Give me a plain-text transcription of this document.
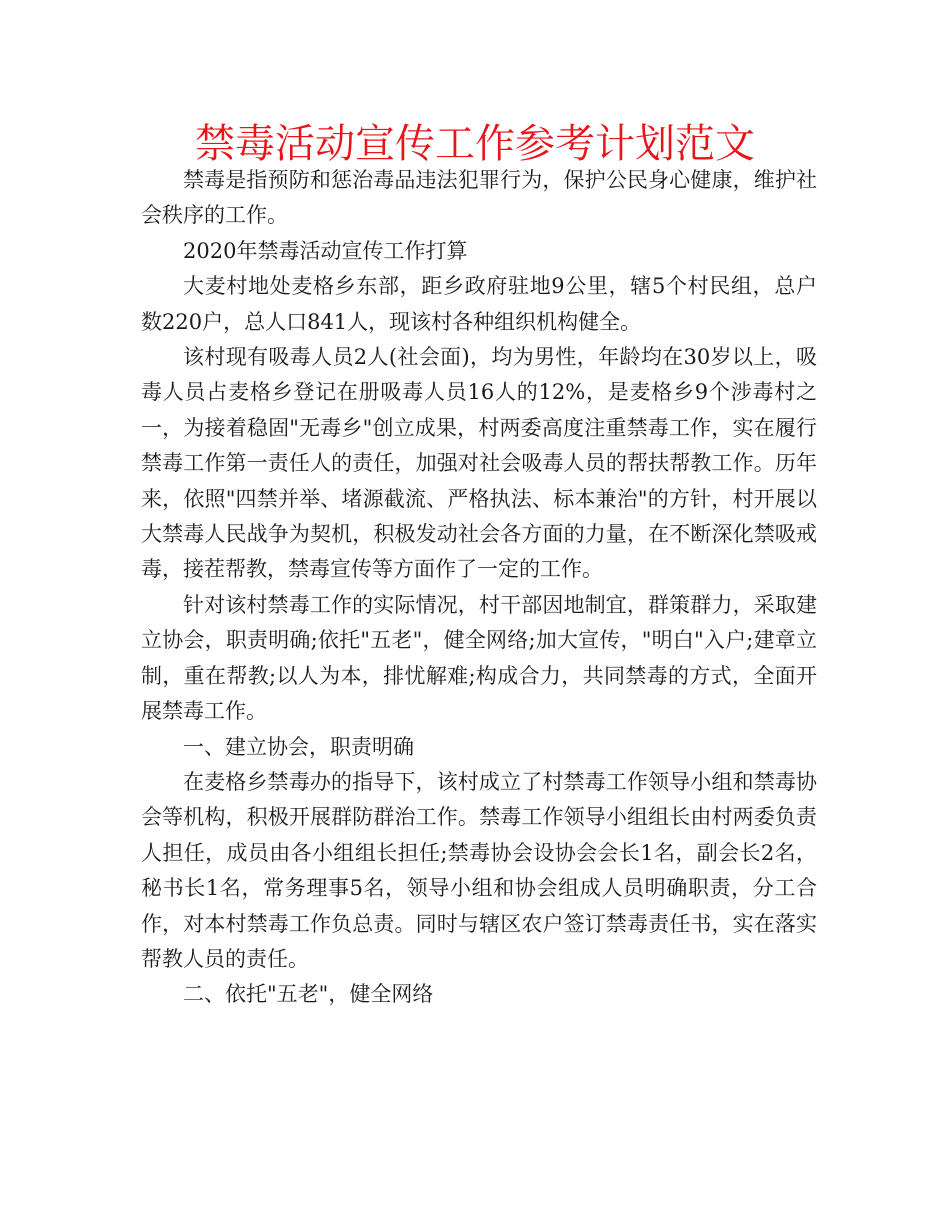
禁毒活动宣传工作参考计划范文

禁毒是指预防和惩治毒品违法犯罪行为，保护公民身心健康，维护社会秩序的工作。

2020年禁毒活动宣传工作打算

大麦村地处麦格乡东部，距乡政府驻地9公里，辖5个村民组，总户数220户，总人口841人，现该村各种组织机构健全。

该村现有吸毒人员2人(社会面)，均为男性，年龄均在30岁以上，吸毒人员占麦格乡登记在册吸毒人员16人的12%，是麦格乡9个涉毒村之一，为接着稳固"无毒乡"创立成果，村两委高度注重禁毒工作，实在履行禁毒工作第一责任人的责任，加强对社会吸毒人员的帮扶帮教工作。历年来，依照"四禁并举、堵源截流、严格执法、标本兼治"的方针，村开展以大禁毒人民战争为契机，积极发动社会各方面的力量，在不断深化禁吸戒毒，接茬帮教，禁毒宣传等方面作了一定的工作。

针对该村禁毒工作的实际情况，村干部因地制宜，群策群力，采取建立协会，职责明确;依托"五老"，健全网络;加大宣传，"明白"入户;建章立制，重在帮教;以人为本，排忧解难;构成合力，共同禁毒的方式，全面开展禁毒工作。

一、建立协会，职责明确

在麦格乡禁毒办的指导下，该村成立了村禁毒工作领导小组和禁毒协会等机构，积极开展群防群治工作。禁毒工作领导小组组长由村两委负责人担任，成员由各小组组长担任;禁毒协会设协会会长1名，副会长2名，秘书长1名，常务理事5名，领导小组和协会组成人员明确职责，分工合作，对本村禁毒工作负总责。同时与辖区农户签订禁毒责任书，实在落实帮教人员的责任。

二、依托"五老"，健全网络
